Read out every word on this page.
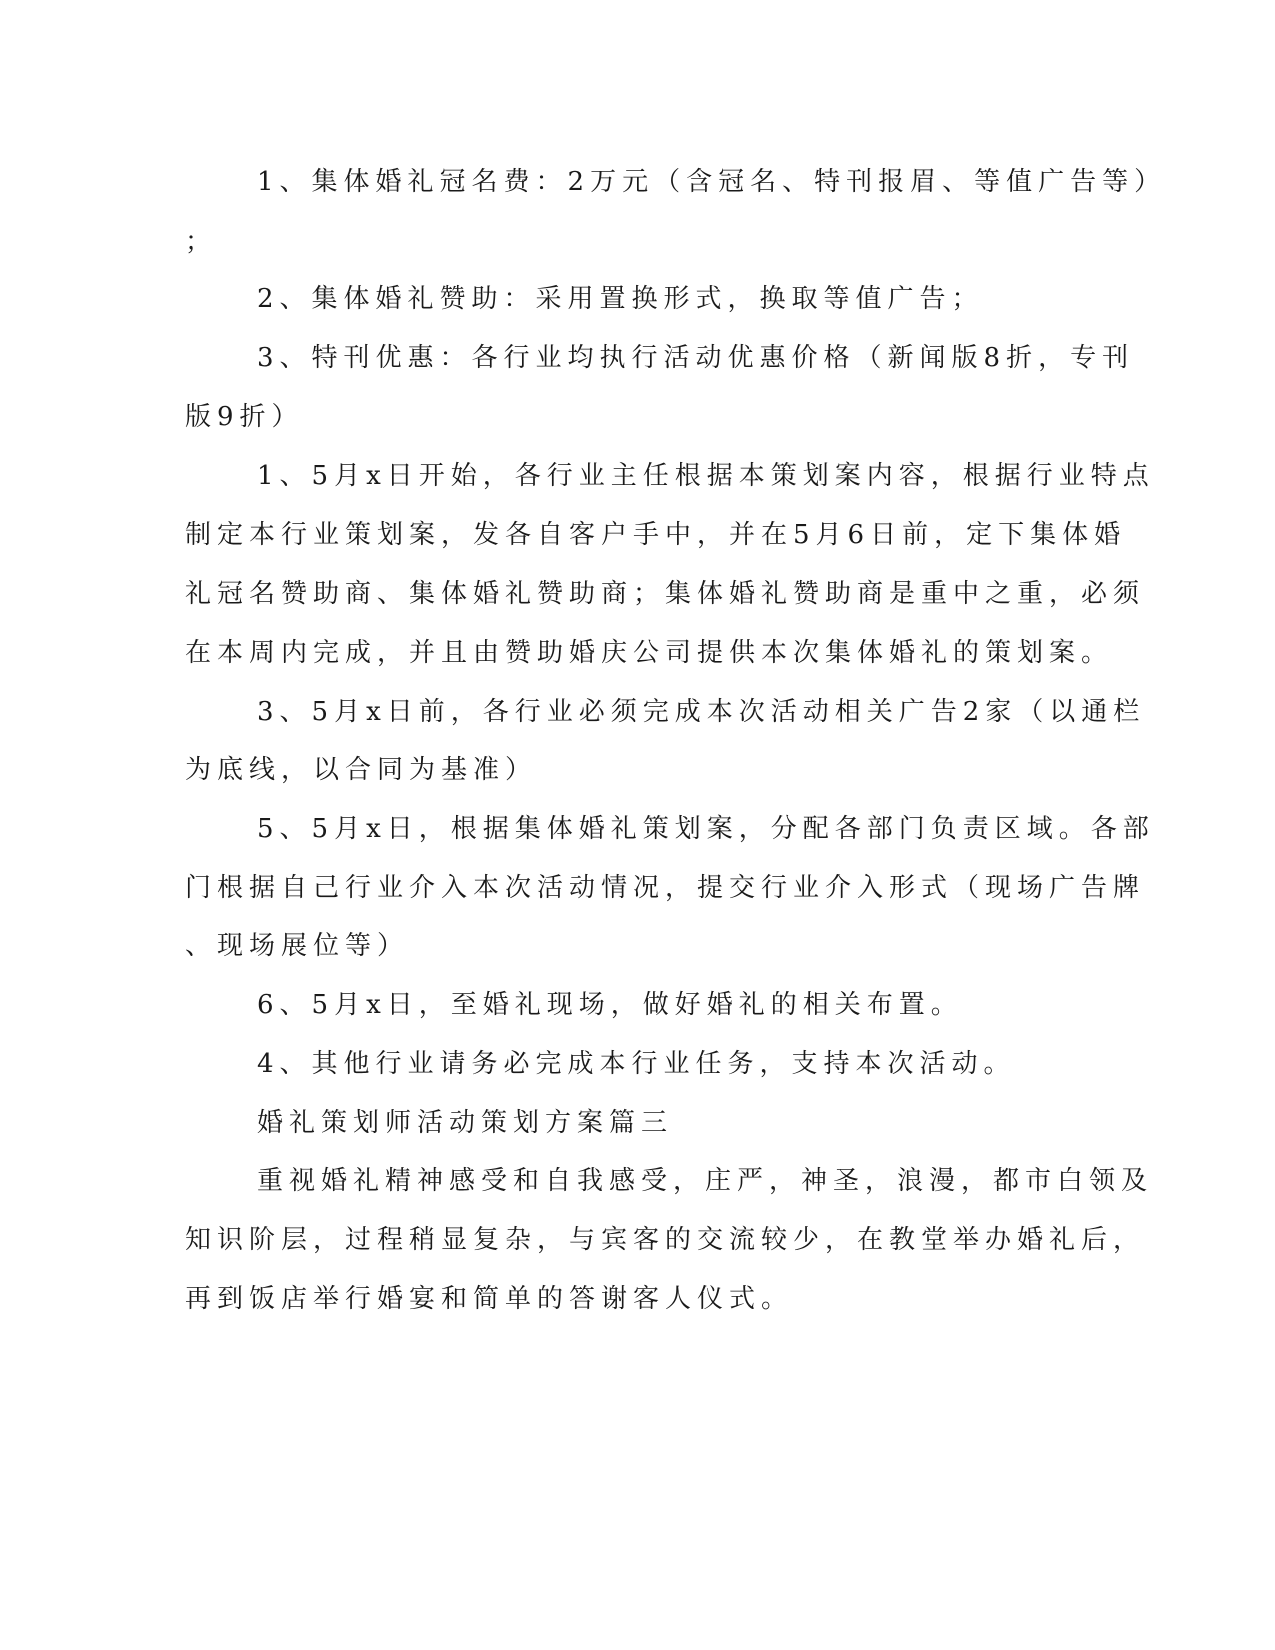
1、集体婚礼冠名费：2万元（含冠名、特刊报眉、等值广告等）
；
2、集体婚礼赞助：采用置换形式，换取等值广告；
3、特刊优惠：各行业均执行活动优惠价格（新闻版8折，专刊
版9折）
1、5月x日开始，各行业主任根据本策划案内容，根据行业特点
制定本行业策划案，发各自客户手中，并在5月6日前，定下集体婚
礼冠名赞助商、集体婚礼赞助商；集体婚礼赞助商是重中之重，必须
在本周内完成，并且由赞助婚庆公司提供本次集体婚礼的策划案。
3、5月x日前，各行业必须完成本次活动相关广告2家（以通栏
为底线，以合同为基准）
5、5月x日，根据集体婚礼策划案，分配各部门负责区域。各部
门根据自己行业介入本次活动情况，提交行业介入形式（现场广告牌
、现场展位等）
6、5月x日，至婚礼现场，做好婚礼的相关布置。
4、其他行业请务必完成本行业任务，支持本次活动。
婚礼策划师活动策划方案篇三
重视婚礼精神感受和自我感受，庄严，神圣，浪漫，都市白领及
知识阶层，过程稍显复杂，与宾客的交流较少，在教堂举办婚礼后，
再到饭店举行婚宴和简单的答谢客人仪式。
